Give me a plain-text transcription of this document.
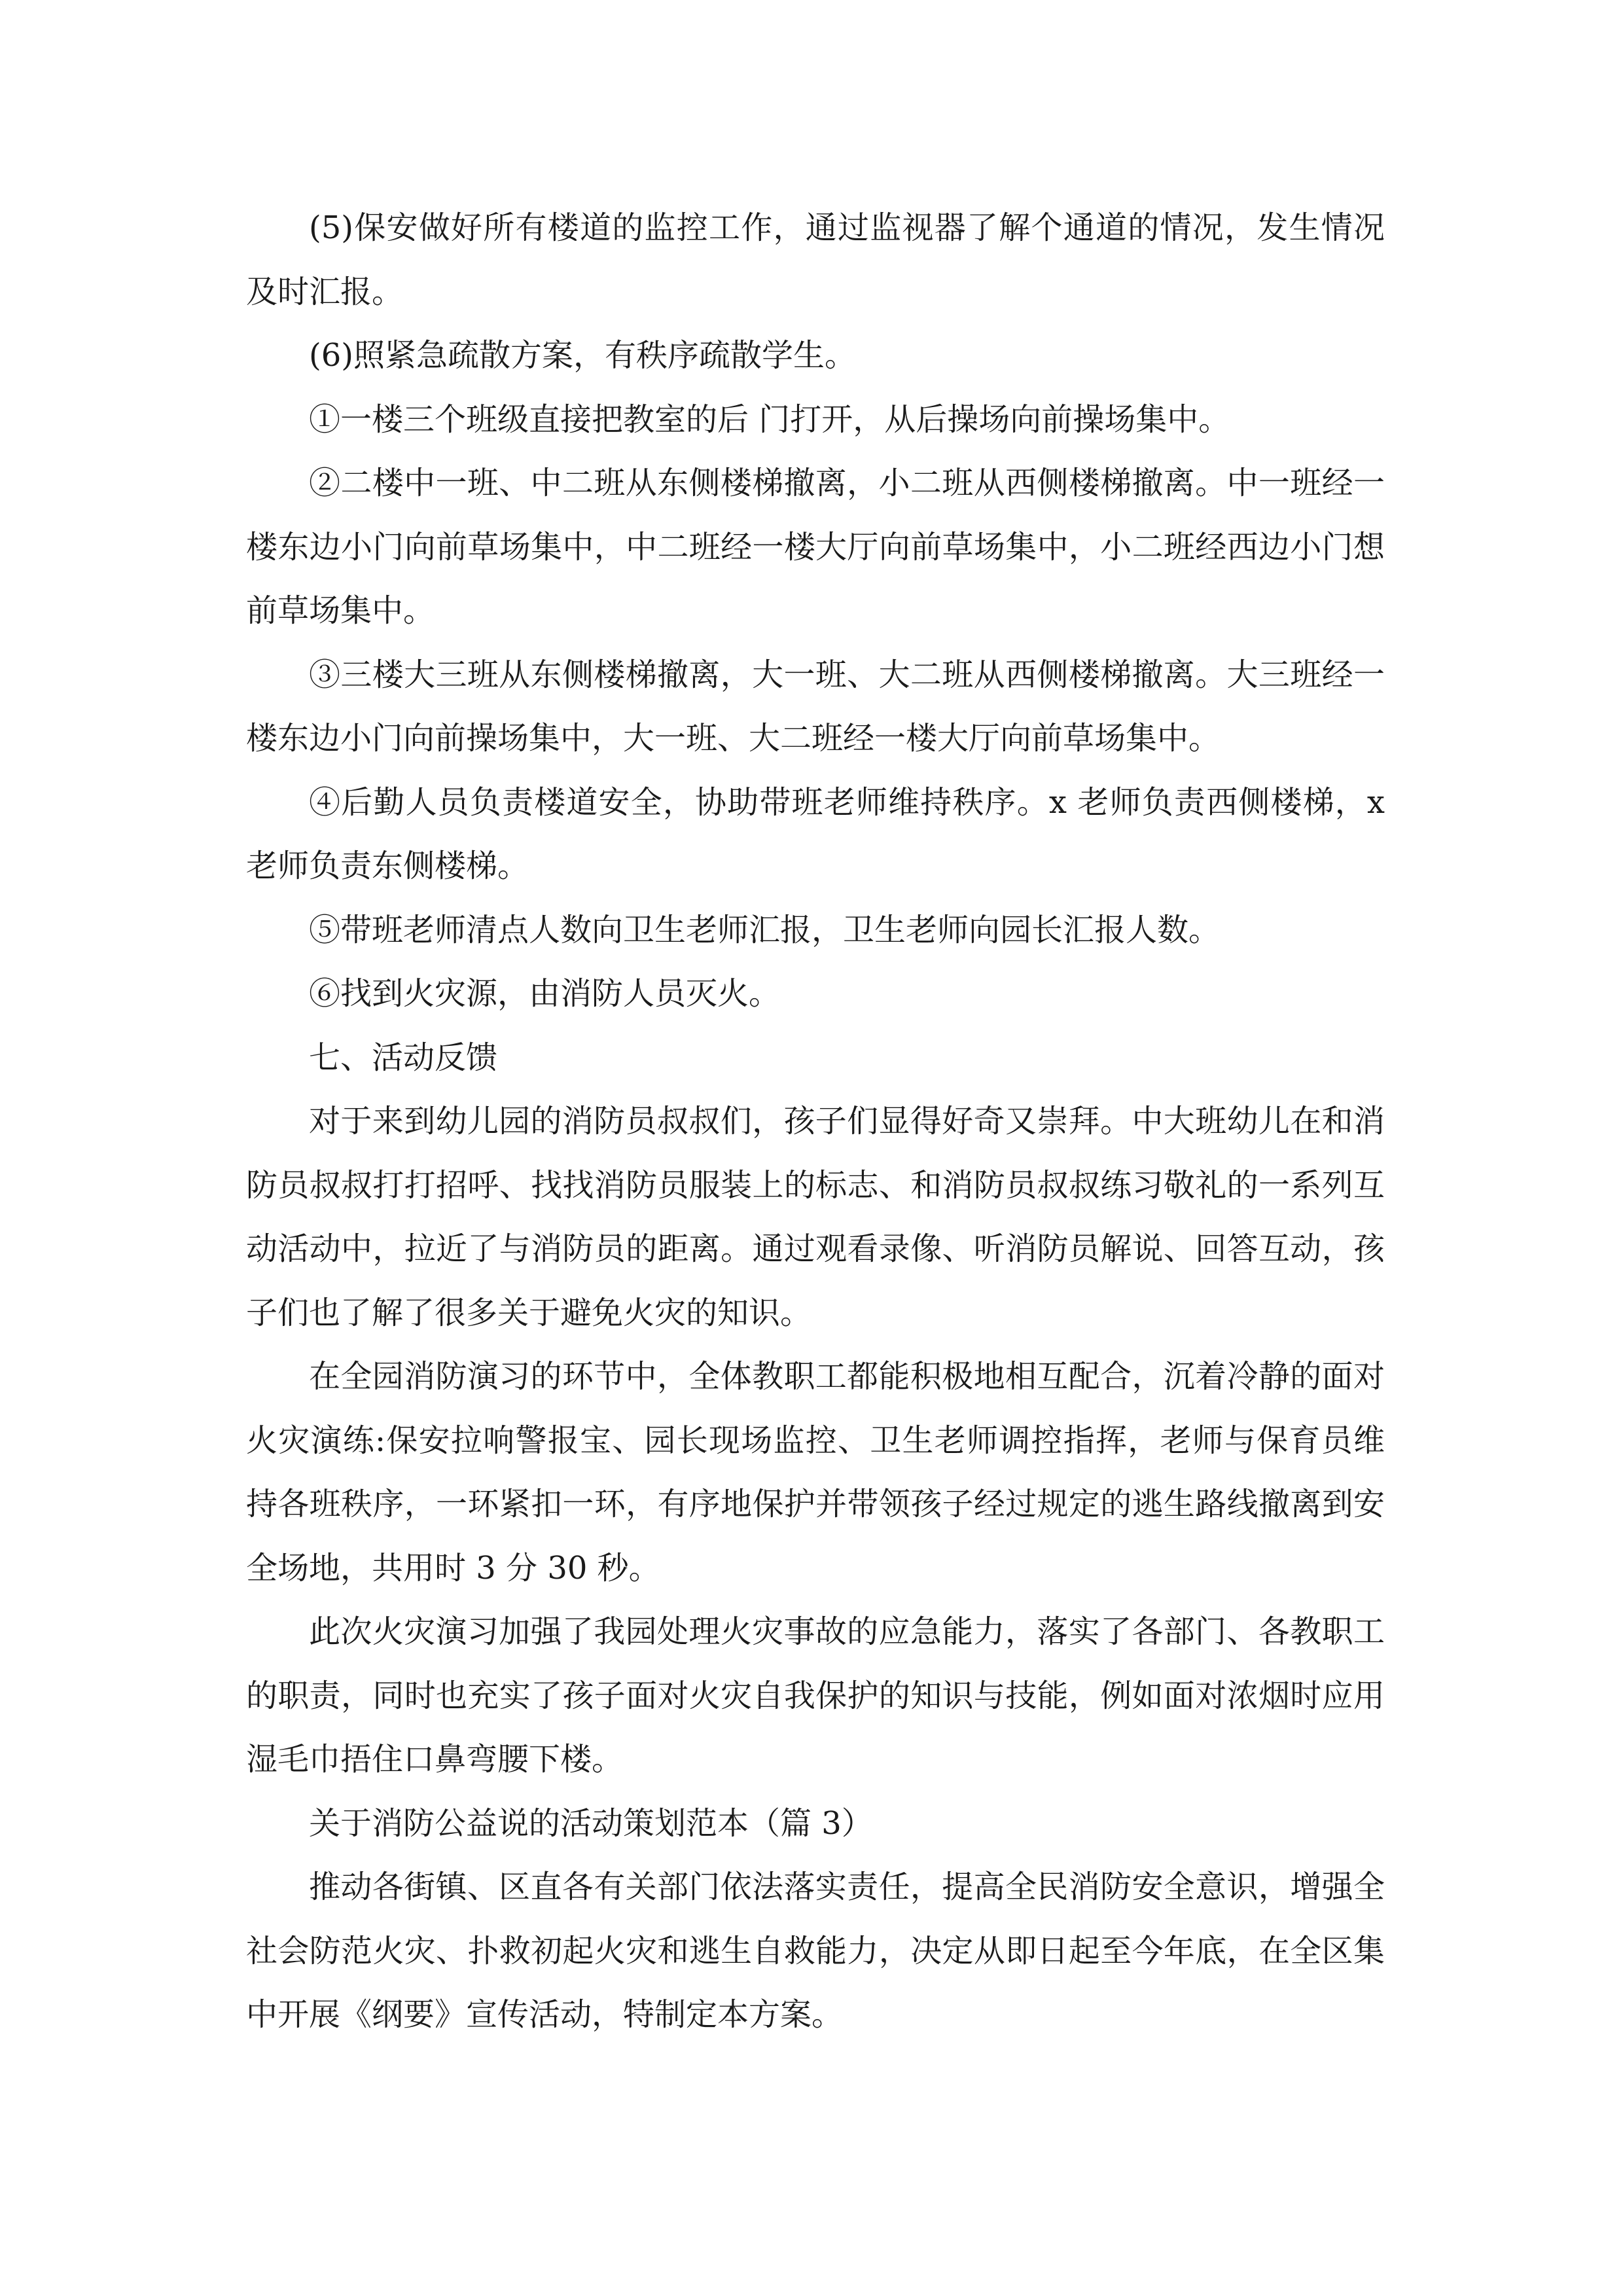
(5)保安做好所有楼道的监控工作，通过监视器了解个通道的情况，发生情况及时汇报。

(6)照紧急疏散方案，有秩序疏散学生。

①一楼三个班级直接把教室的后 门打开，从后操场向前操场集中。

②二楼中一班、中二班从东侧楼梯撤离，小二班从西侧楼梯撤离。中一班经一楼东边小门向前草场集中，中二班经一楼大厅向前草场集中，小二班经西边小门想前草场集中。

③三楼大三班从东侧楼梯撤离，大一班、大二班从西侧楼梯撤离。大三班经一楼东边小门向前操场集中，大一班、大二班经一楼大厅向前草场集中。

④后勤人员负责楼道安全，协助带班老师维持秩序。x 老师负责西侧楼梯，x 老师负责东侧楼梯。

⑤带班老师清点人数向卫生老师汇报，卫生老师向园长汇报人数。

⑥找到火灾源，由消防人员灭火。

七、活动反馈

对于来到幼儿园的消防员叔叔们，孩子们显得好奇又崇拜。中大班幼儿在和消防员叔叔打打招呼、找找消防员服装上的标志、和消防员叔叔练习敬礼的一系列互动活动中，拉近了与消防员的距离。通过观看录像、听消防员解说、回答互动，孩子们也了解了很多关于避免火灾的知识。

在全园消防演习的环节中，全体教职工都能积极地相互配合，沉着冷静的面对火灾演练:保安拉响警报宝、园长现场监控、卫生老师调控指挥，老师与保育员维持各班秩序，一环紧扣一环，有序地保护并带领孩子经过规定的逃生路线撤离到安全场地，共用时 3 分 30 秒。

此次火灾演习加强了我园处理火灾事故的应急能力，落实了各部门、各教职工的职责，同时也充实了孩子面对火灾自我保护的知识与技能，例如面对浓烟时应用湿毛巾捂住口鼻弯腰下楼。

关于消防公益说的活动策划范本（篇 3）

推动各街镇、区直各有关部门依法落实责任，提高全民消防安全意识，增强全社会防范火灾、扑救初起火灾和逃生自救能力，决定从即日起至今年底，在全区集中开展《纲要》宣传活动，特制定本方案。
